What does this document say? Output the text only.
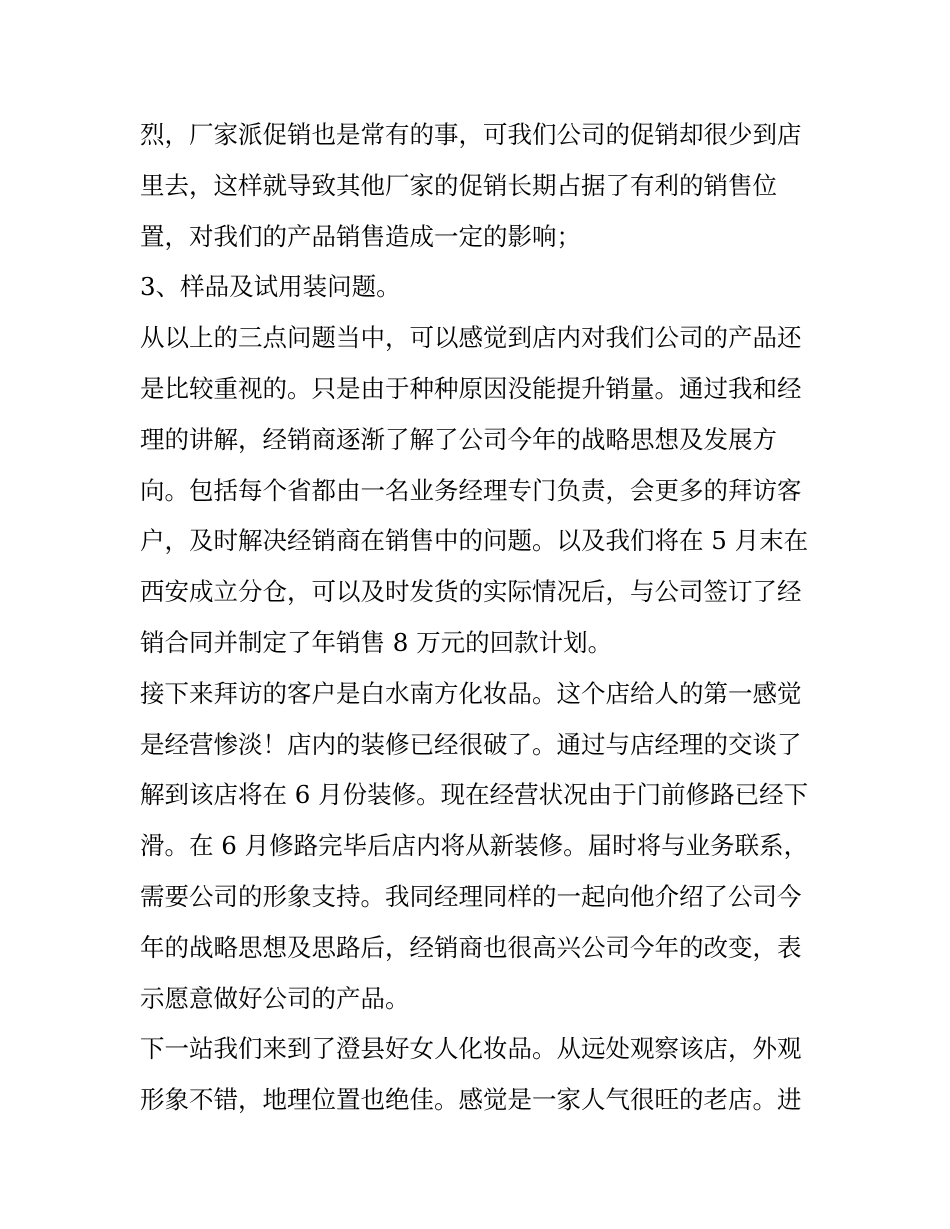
烈，厂家派促销也是常有的事，可我们公司的促销却很少到店
里去，这样就导致其他厂家的促销长期占据了有利的销售位
置，对我们的产品销售造成一定的影响；
3、样品及试用装问题。
从以上的三点问题当中，可以感觉到店内对我们公司的产品还
是比较重视的。只是由于种种原因没能提升销量。通过我和经
理的讲解，经销商逐渐了解了公司今年的战略思想及发展方
向。包括每个省都由一名业务经理专门负责，会更多的拜访客
户，及时解决经销商在销售中的问题。以及我们将在 5 月末在
西安成立分仓，可以及时发货的实际情况后，与公司签订了经
销合同并制定了年销售 8 万元的回款计划。
接下来拜访的客户是白水南方化妆品。这个店给人的第一感觉
是经营惨淡！店内的装修已经很破了。通过与店经理的交谈了
解到该店将在 6 月份装修。现在经营状况由于门前修路已经下
滑。在 6 月修路完毕后店内将从新装修。届时将与业务联系，
需要公司的形象支持。我同经理同样的一起向他介绍了公司今
年的战略思想及思路后，经销商也很高兴公司今年的改变，表
示愿意做好公司的产品。
下一站我们来到了澄县好女人化妆品。从远处观察该店，外观
形象不错，地理位置也绝佳。感觉是一家人气很旺的老店。进
